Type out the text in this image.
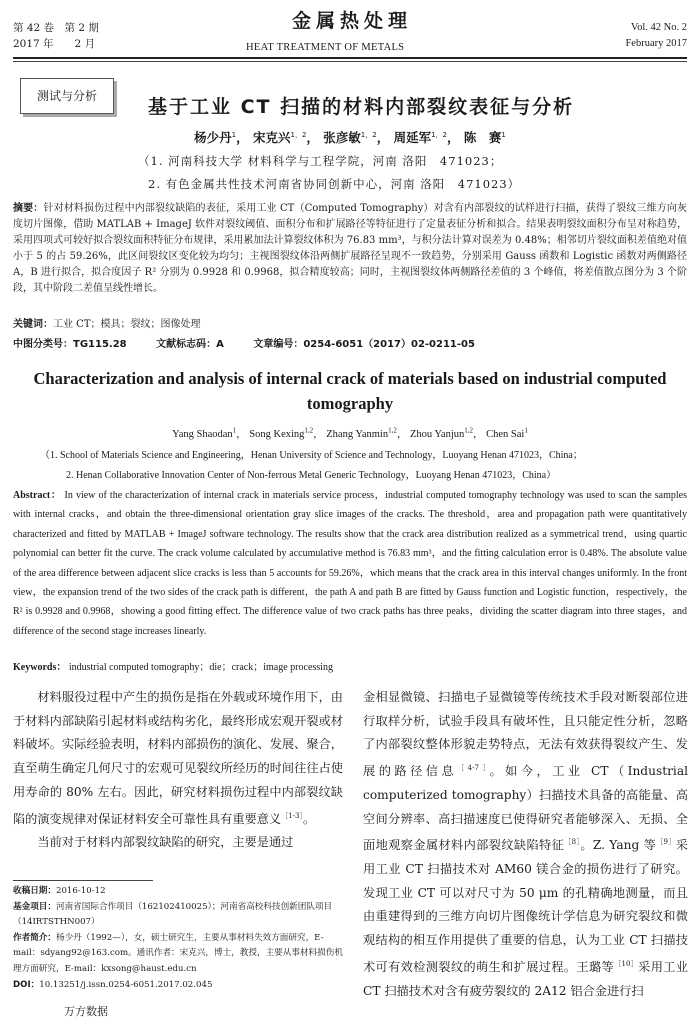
第 42 卷　第 2 期
2017 年　　2 月
金属热处理
HEAT TREATMENT OF METALS
Vol. 42 No. 2
February 2017
测试与分析	基于工业 CT 扫描的材料内部裂纹表征与分析
杨少丹$^1$， 宋克兴$^{1,2}$， 张彦敏$^{1,2}$， 周延军$^{1,2}$， 陈　赛$^1$
（1. 河南科技大学 材料科学与工程学院，河南 洛阳　471023；
2. 有色金属共性技术河南省协同创新中心，河南 洛阳　471023）
摘要：针对材料损伤过程中内部裂纹缺陷的表征，采用工业 CT（Computed Tomography）对含有内部裂纹的试样进行扫描，获得了裂纹三维方向灰度切片图像，借助 MATLAB + ImageJ 软件对裂纹阈值、面积分布和扩展路径等特征进行了定量表征分析和拟合。结果表明裂纹面积分布呈对称趋势，采用四项式可较好拟合裂纹面积特征分布规律，采用累加法计算裂纹体积为 76.83 mm³，与积分法计算对误差为 0.48%；相邻切片裂纹面积差值绝对值小于 5 的占 59.26%，此区间裂纹区变化较为均匀；主视图裂纹体沿两侧扩展路径呈现不一致趋势，分别采用 Gauss 函数和 Logistic 函数对两侧路径 A，B 进行拟合，拟合度因子 R² 分别为 0.9928 和 0.9968，拟合精度较高；同时，主视图裂纹体两侧路径差值的 3 个峰值，将差值散点图分为 3 个阶段，其中阶段二差值呈线性增长。
关键词：工业 CT；模具；裂纹；图像处理
中图分类号：TG115.28	文献标志码：A	文章编号：0254-6051（2017）02-0211-05
Characterization and analysis of internal crack of materials based on industrial computed tomography
Yang Shaodan$^1$， Song Kexing$^{1,2}$， Zhang Yanmin$^{1,2}$， Zhou Yanjun$^{1,2}$， Chen Sai$^1$
（1. School of Materials Science and Engineering，Henan University of Science and Technology，Luoyang Henan 471023，China；
2. Henan Collaborative Innovation Center of Non-ferrous Metal Generic Technology，Luoyang Henan 471023，China）
Abstract： In view of the characterization of internal crack in materials service process，industrial computed tomography technology was used to scan the samples with internal cracks，and obtain the three-dimensional orientation gray slice images of the cracks. The threshold，area and propagation path were quantitatively characterized and fitted by MATLAB + ImageJ software technology. The results show that the crack area distribution realized as a symmetrical trend，using quartic polynomial can better fit the curve. The crack volume calculated by accumulative method is 76.83 mm³，and the fitting calculation error is 0.48%. The absolute value of the area difference between adjacent slice cracks is less than 5 accounts for 59.26%，which means that the crack area in this interval changes uniformly. In the front view，the expansion trend of the two sides of the crack path is different，the path A and path B are fitted by Gauss function and Logistic function，respectively，the R² is 0.9928 and 0.9968，showing a good fitting effect. The difference value of two crack paths has three peaks，dividing the scatter diagram into three stages，and difference of the second stage increases linearly.
Keywords： industrial computed tomography；die；crack；image processing
材料服役过程中产生的损伤是指在外载或环境作用下，由于材料内部缺陷引起材料或结构劣化，最终形成宏观开裂或材料破坏。实际经验表明，材料内部损伤的演化、发展、聚合，直至萌生确定几何尺寸的宏观可见裂纹所经历的时间往往占使用寿命的 80% 左右。因此，研究材料损伤过程中内部裂纹缺陷的演变规律对保证材料安全可靠性具有重要意义$^{[1-3]}$。
当前对于材料内部裂纹缺陷的研究，主要是通过
收稿日期：2016-10-12
基金项目：河南省国际合作项目（162102410025）；河南省高校科技创新团队项目（14IRTSTHN007）
作者简介：杨少丹（1992—），女，硕士研究生，主要从事材料失效方面研究，E-mail：sdyang92@163.com。通讯作者：宋克兴，博士，教授，主要从事材料损伤机理方面研究，E-mail：kxsong@haust.edu.cn
DOI：10.13251/j.issn.0254-6051.2017.02.045
金相显微镜、扫描电子显微镜等传统技术手段对断裂部位进行取样分析，试验手段具有破坏性，且只能定性分析，忽略了内部裂纹整体形貌走势特点，无法有效获得裂纹产生、发展的路径信息$^{[4-7]}$。如今，工业 CT（Industrial computerized tomography）扫描技术具备的高能量、高空间分辨率、高扫描速度已使得研究者能够深入、无损、全面地观察金属材料内部裂纹缺陷特征$^{[8]}$。Z. Yang 等$^{[9]}$采用工业 CT 扫描技术对 AM60 镁合金的损伤进行了研究。发现工业 CT 可以对尺寸为 50 μm 的孔精确地测量，而且由重建得到的三维方向切片图像统计学信息为研究裂纹和微观结构的相互作用提供了重要的信息，认为工业 CT 扫描技术可有效检测裂纹的萌生和扩展过程。王璐等$^{[10]}$采用工业 CT 扫描技术对含有疲劳裂纹的 2A12 铝合金进行扫
万方数据
